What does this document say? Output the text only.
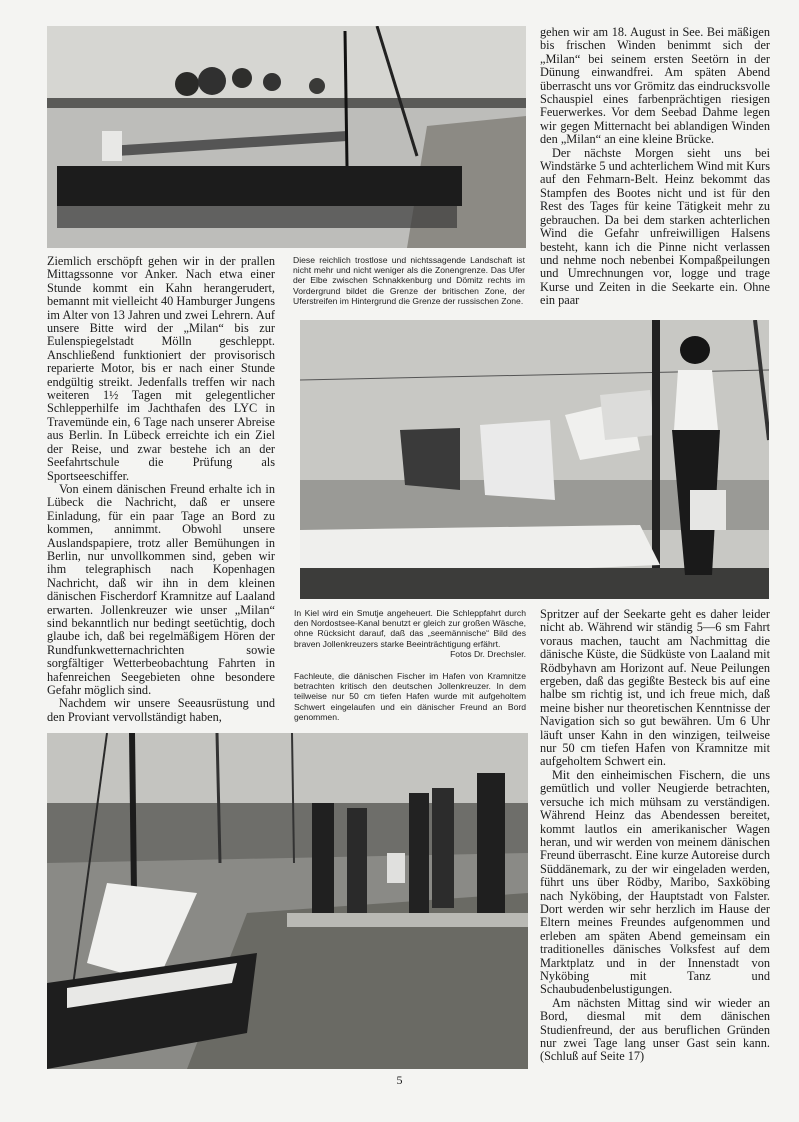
Diese reichlich trostlose und nichtssagende Landschaft ist nicht mehr und nicht weniger als die Zonengrenze. Das Ufer der Elbe zwischen Schnakkenburg und Dömitz rechts im Vordergrund bildet die Grenze der britischen Zone, der Uferstreifen im Hintergrund die Grenze der russischen Zone.

Ziemlich erschöpft gehen wir in der prallen Mittagssonne vor Anker. Nach etwa einer Stunde kommt ein Kahn herangerudert, bemannt mit vielleicht 40 Hamburger Jungens im Alter von 13 Jahren und zwei Lehrern. Auf unsere Bitte wird der „Milan“ bis zur Eulenspiegelstadt Mölln geschleppt. Anschließend funktioniert der provisorisch reparierte Motor, bis er nach einer Stunde endgültig streikt. Jedenfalls treffen wir nach weiteren 1½ Tagen mit gelegentlicher Schlepperhilfe im Jachthafen des LYC in Travemünde ein, 6 Tage nach unserer Abreise aus Berlin. In Lübeck erreichte ich ein Ziel der Reise, und zwar bestehe ich an der Seefahrtschule die Prüfung als Sportseeschiffer.

Von einem dänischen Freund erhalte ich in Lübeck die Nachricht, daß er unsere Einladung, für ein paar Tage an Bord zu kommen, annimmt. Obwohl unsere Auslandspapiere, trotz aller Bemühungen in Berlin, nur unvollkommen sind, geben wir ihm telegraphisch nach Kopenhagen Nachricht, daß wir ihn in dem kleinen dänischen Fischerdorf Kramnitze auf Laaland erwarten. Jollenkreuzer wie unser „Milan“ sind bekanntlich nur bedingt seetüchtig, doch glaube ich, daß bei regelmäßigem Hören der Rundfunkwetternachrichten sowie sorgfältiger Wetterbeobachtung Fahrten in hafenreichen Seegebieten ohne besondere Gefahr möglich sind.

Nachdem wir unsere Seeausrüstung und den Proviant vervollständigt haben,

gehen wir am 18. August in See. Bei mäßigen bis frischen Winden benimmt sich der „Milan“ bei seinem ersten Seetörn in der Dünung einwandfrei. Am späten Abend überrascht uns vor Grömitz das eindrucksvolle Schauspiel eines farbenprächtigen riesigen Feuerwerkes. Vor dem Seebad Dahme legen wir gegen Mitternacht bei ablandigen Winden den „Milan“ an eine kleine Brücke.

Der nächste Morgen sieht uns bei Windstärke 5 und achterlichem Wind mit Kurs auf den Fehmarn-Belt. Heinz bekommt das Stampfen des Bootes nicht und ist für den Rest des Tages für keine Tätigkeit mehr zu gebrauchen. Da bei dem starken achterlichen Wind die Gefahr unfreiwilligen Halsens besteht, kann ich die Pinne nicht verlassen und nehme noch nebenbei Kompaßpeilungen und Umrechnungen vor, logge und trage Kurse und Zeiten in die Seekarte ein. Ohne ein paar

In Kiel wird ein Smutje angeheuert. Die Schleppfahrt durch den Nordostsee-Kanal benutzt er gleich zur großen Wäsche, ohne Rücksicht darauf, daß das „seemännische“ Bild des braven Jollenkreuzers starke Beeinträchtigung erfährt.
Fotos Dr. Drechsler.

Fachleute, die dänischen Fischer im Hafen von Kramnitze betrachten kritisch den deutschen Jollenkreuzer. In dem teilweise nur 50 cm tiefen Hafen wurde mit aufgeholtem Schwert eingelaufen und ein dänischer Freund an Bord genommen.

Spritzer auf der Seekarte geht es daher leider nicht ab. Während wir ständig 5—6 sm Fahrt voraus machen, taucht am Nachmittag die dänische Küste, die Südküste von Laaland mit Rödbyhavn am Horizont auf. Neue Peilungen ergeben, daß das gegißte Besteck bis auf eine halbe sm richtig ist, und ich freue mich, daß meine bisher nur theoretischen Kenntnisse der Navigation sich so gut bewähren. Um 6 Uhr läuft unser Kahn in den winzigen, teilweise nur 50 cm tiefen Hafen von Kramnitze mit aufgeholtem Schwert ein.

Mit den einheimischen Fischern, die uns gemütlich und voller Neugierde betrachten, versuche ich mich mühsam zu verständigen. Während Heinz das Abendessen bereitet, kommt lautlos ein amerikanischer Wagen heran, und wir werden von meinem dänischen Freund überrascht. Eine kurze Autoreise durch Süddänemark, zu der wir eingeladen werden, führt uns über Rödby, Maribo, Saxköbing nach Nyköbing, der Hauptstadt von Falster. Dort werden wir sehr herzlich im Hause der Eltern meines Freundes aufgenommen und erleben am späten Abend gemeinsam ein traditionelles dänisches Volksfest auf dem Marktplatz und in der Innenstadt von Nyköbing mit Tanz und Schaubudenbelustigungen.

Am nächsten Mittag sind wir wieder an Bord, diesmal mit dem dänischen Studienfreund, der aus beruflichen Gründen nur zwei Tage lang unser Gast sein kann. (Schluß auf Seite 17)

5
